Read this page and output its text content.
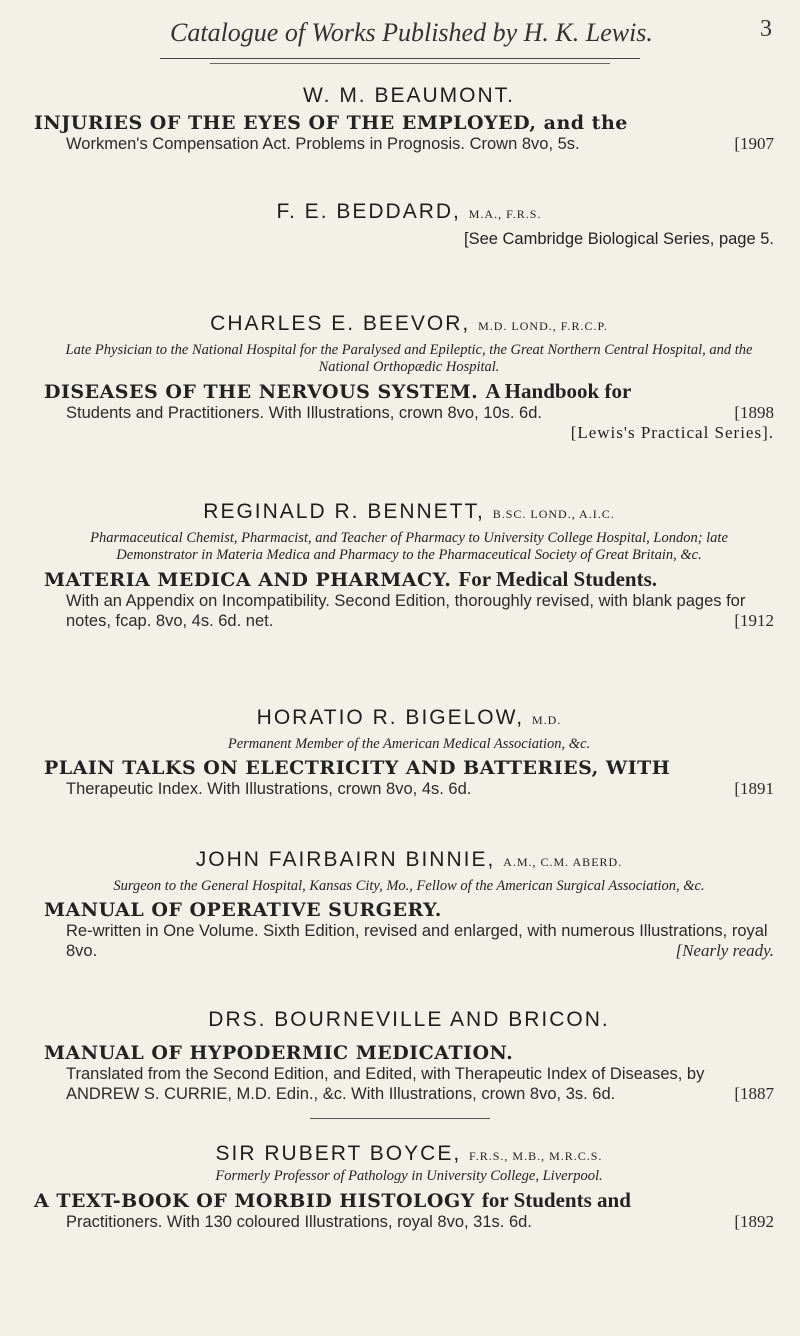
Catalogue of Works Published by H. K. Lewis.	3
W. M. BEAUMONT.
INJURIES OF THE EYES OF THE EMPLOYED, and the
[1907
Workmen's Compensation Act. Problems in Prognosis. Crown 8vo, 5s.
F. E. BEDDARD, M.A., F.R.S.
[See Cambridge Biological Series, page 5.
CHARLES E. BEEVOR, M.D. LOND., F.R.C.P.
Late Physician to the National Hospital for the Paralysed and Epileptic, the Great Northern Central Hospital, and the National Orthopædic Hospital.
DISEASES OF THE NERVOUS SYSTEM. A Handbook for
[1898
Students and Practitioners. With Illustrations, crown 8vo, 10s. 6d.
[Lewis's Practical Series].
REGINALD R. BENNETT, B.SC. LOND., A.I.C.
Pharmaceutical Chemist, Pharmacist, and Teacher of Pharmacy to University College Hospital, London; late Demonstrator in Materia Medica and Pharmacy to the Pharmaceutical Society of Great Britain, &c.
MATERIA MEDICA AND PHARMACY. For Medical Students.
With an Appendix on Incompatibility. Second Edition, thoroughly revised, with blank pages for notes, fcap. 8vo, 4s. 6d. net.	[1912
HORATIO R. BIGELOW, M.D.
Permanent Member of the American Medical Association, &c.
PLAIN TALKS ON ELECTRICITY AND BATTERIES, WITH
[1891
Therapeutic Index. With Illustrations, crown 8vo, 4s. 6d.
JOHN FAIRBAIRN BINNIE, A.M., C.M. ABERD.
Surgeon to the General Hospital, Kansas City, Mo., Fellow of the American Surgical Association, &c.
MANUAL OF OPERATIVE SURGERY.
Re-written in One Volume. Sixth Edition, revised and enlarged, with numerous Illustrations, royal 8vo.	[Nearly ready.
DRS. BOURNEVILLE AND BRICON.
MANUAL OF HYPODERMIC MEDICATION.
Translated from the Second Edition, and Edited, with Therapeutic Index of Diseases, by ANDREW S. CURRIE, M.D. Edin., &c. With Illustrations, crown 8vo, 3s. 6d.	[1887
SIR RUBERT BOYCE, F.R.S., M.B., M.R.C.S.
Formerly Professor of Pathology in University College, Liverpool.
A TEXT-BOOK OF MORBID HISTOLOGY for Students and
[1892
Practitioners. With 130 coloured Illustrations, royal 8vo, 31s. 6d.
